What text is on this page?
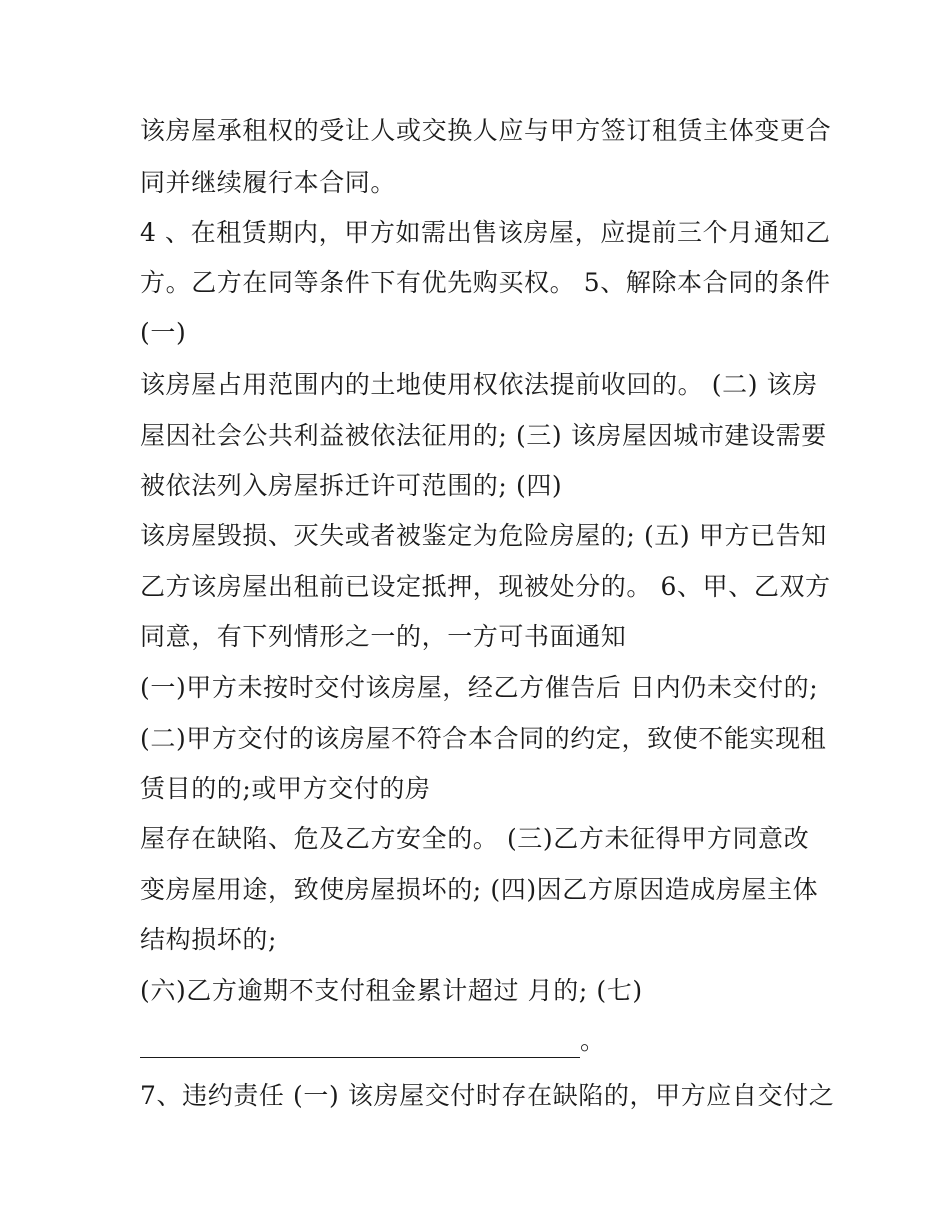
该房屋承租权的受让人或交换人应与甲方签订租赁主体变更合

同并继续履行本合同。

4 、在租赁期内，甲方如需出售该房屋，应提前三个月通知乙

方。乙方在同等条件下有优先购买权。 5、解除本合同的条件

(一)

该房屋占用范围内的土地使用权依法提前收回的。 (二) 该房

屋因社会公共利益被依法征用的; (三) 该房屋因城市建设需要

被依法列入房屋拆迁许可范围的; (四)

该房屋毁损、灭失或者被鉴定为危险房屋的; (五) 甲方已告知

乙方该房屋出租前已设定抵押，现被处分的。 6、甲、乙双方

同意，有下列情形之一的，一方可书面通知

(一)甲方未按时交付该房屋，经乙方催告后 日内仍未交付的;

(二)甲方交付的该房屋不符合本合同的约定，致使不能实现租

赁目的的;或甲方交付的房

屋存在缺陷、危及乙方安全的。 (三)乙方未征得甲方同意改

变房屋用途，致使房屋损坏的; (四)因乙方原因造成房屋主体

结构损坏的;

(六)乙方逾期不支付租金累计超过 月的; (七)

。

7、违约责任 (一) 该房屋交付时存在缺陷的，甲方应自交付之
